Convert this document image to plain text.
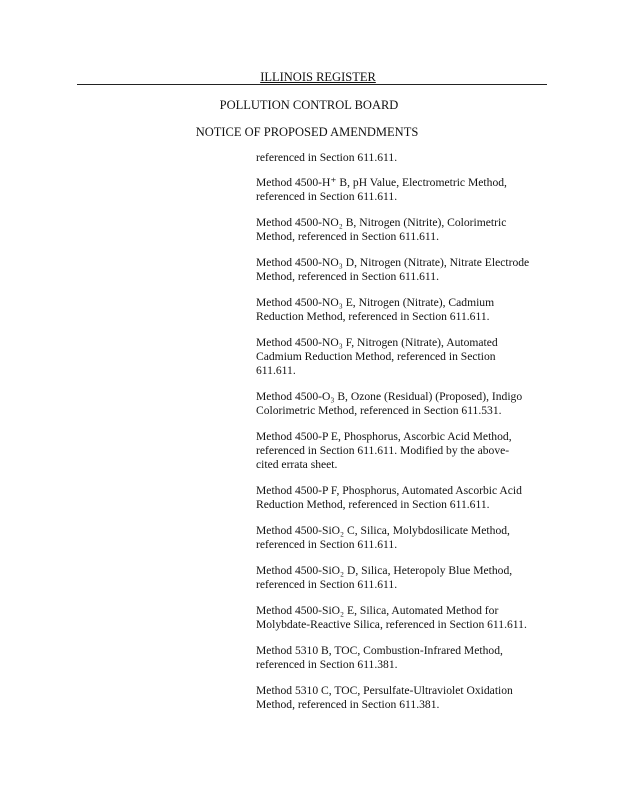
ILLINOIS REGISTER
POLLUTION CONTROL BOARD
NOTICE OF PROPOSED AMENDMENTS
referenced in Section 611.611.
Method 4500-H⁺ B, pH Value, Electrometric Method,
referenced in Section 611.611.
Method 4500-NO₂ B, Nitrogen (Nitrite), Colorimetric
Method, referenced in Section 611.611.
Method 4500-NO₃ D, Nitrogen (Nitrate), Nitrate Electrode
Method, referenced in Section 611.611.
Method 4500-NO₃ E, Nitrogen (Nitrate), Cadmium
Reduction Method, referenced in Section 611.611.
Method 4500-NO₃ F, Nitrogen (Nitrate), Automated
Cadmium Reduction Method, referenced in Section
611.611.
Method 4500-O₃ B, Ozone (Residual) (Proposed), Indigo
Colorimetric Method, referenced in Section 611.531.
Method 4500-P E, Phosphorus, Ascorbic Acid Method,
referenced in Section 611.611. Modified by the above-
cited errata sheet.
Method 4500-P F, Phosphorus, Automated Ascorbic Acid
Reduction Method, referenced in Section 611.611.
Method 4500-SiO₂ C, Silica, Molybdosilicate Method,
referenced in Section 611.611.
Method 4500-SiO₂ D, Silica, Heteropoly Blue Method,
referenced in Section 611.611.
Method 4500-SiO₂ E, Silica, Automated Method for
Molybdate-Reactive Silica, referenced in Section 611.611.
Method 5310 B, TOC, Combustion-Infrared Method,
referenced in Section 611.381.
Method 5310 C, TOC, Persulfate-Ultraviolet Oxidation
Method, referenced in Section 611.381.
